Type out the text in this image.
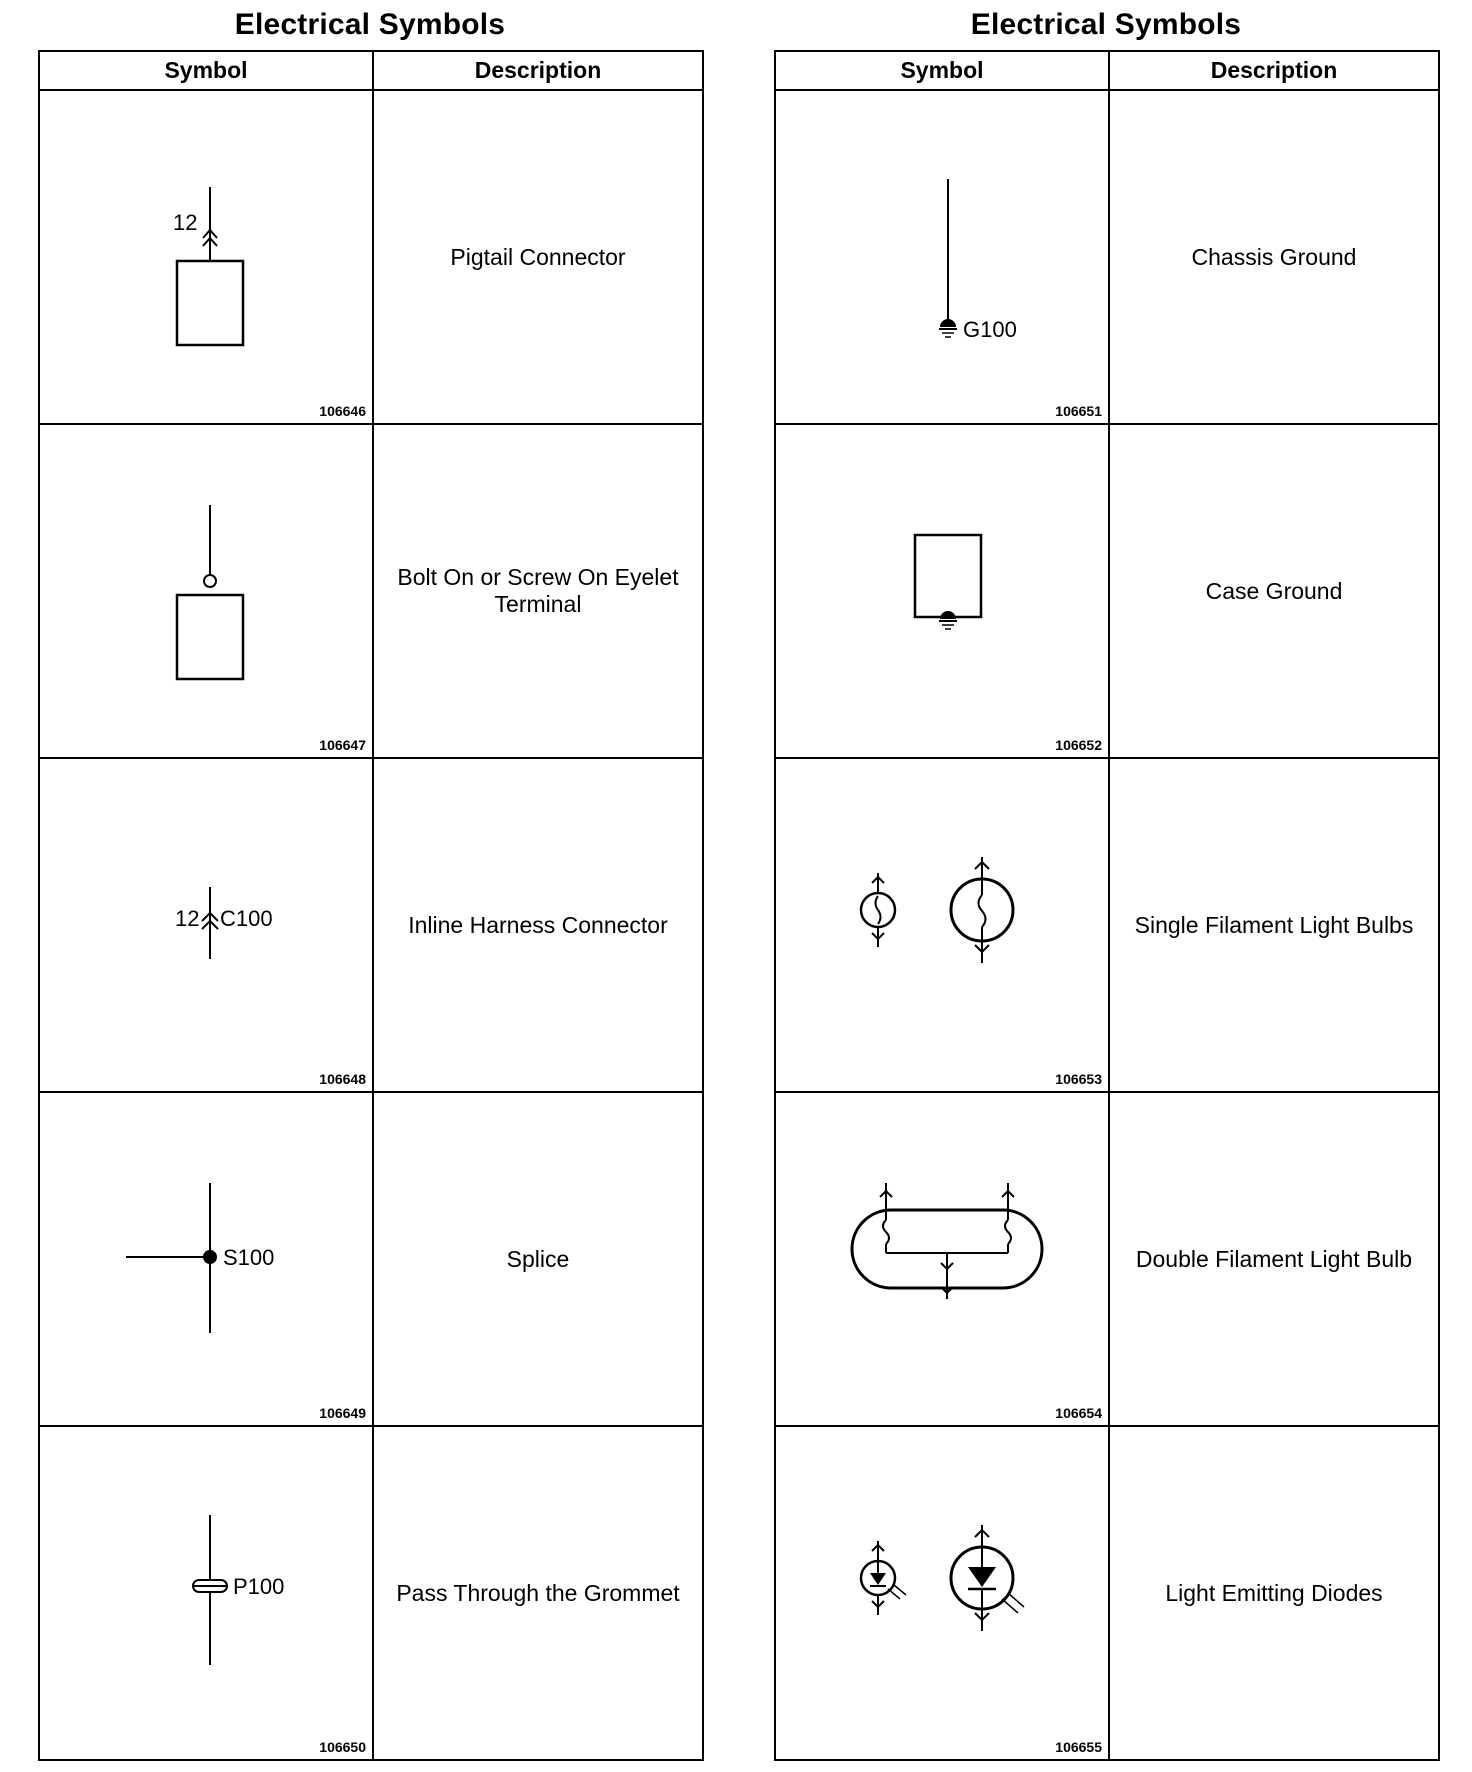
Electrical Symbols
Symbol	Description

12
106646	Pigtail Connector

106647	Bolt On or Screw On Eyelet Terminal

12 C100
106648	Inline Harness Connector

S100
106649	Splice

P100
106650	Pass Through the Grommet
Electrical Symbols
Symbol	Description

G100
106651	Chassis Ground

106652	Case Ground

106653	Single Filament Light Bulbs

106654	Double Filament Light Bulb

106655	Light Emitting Diodes
